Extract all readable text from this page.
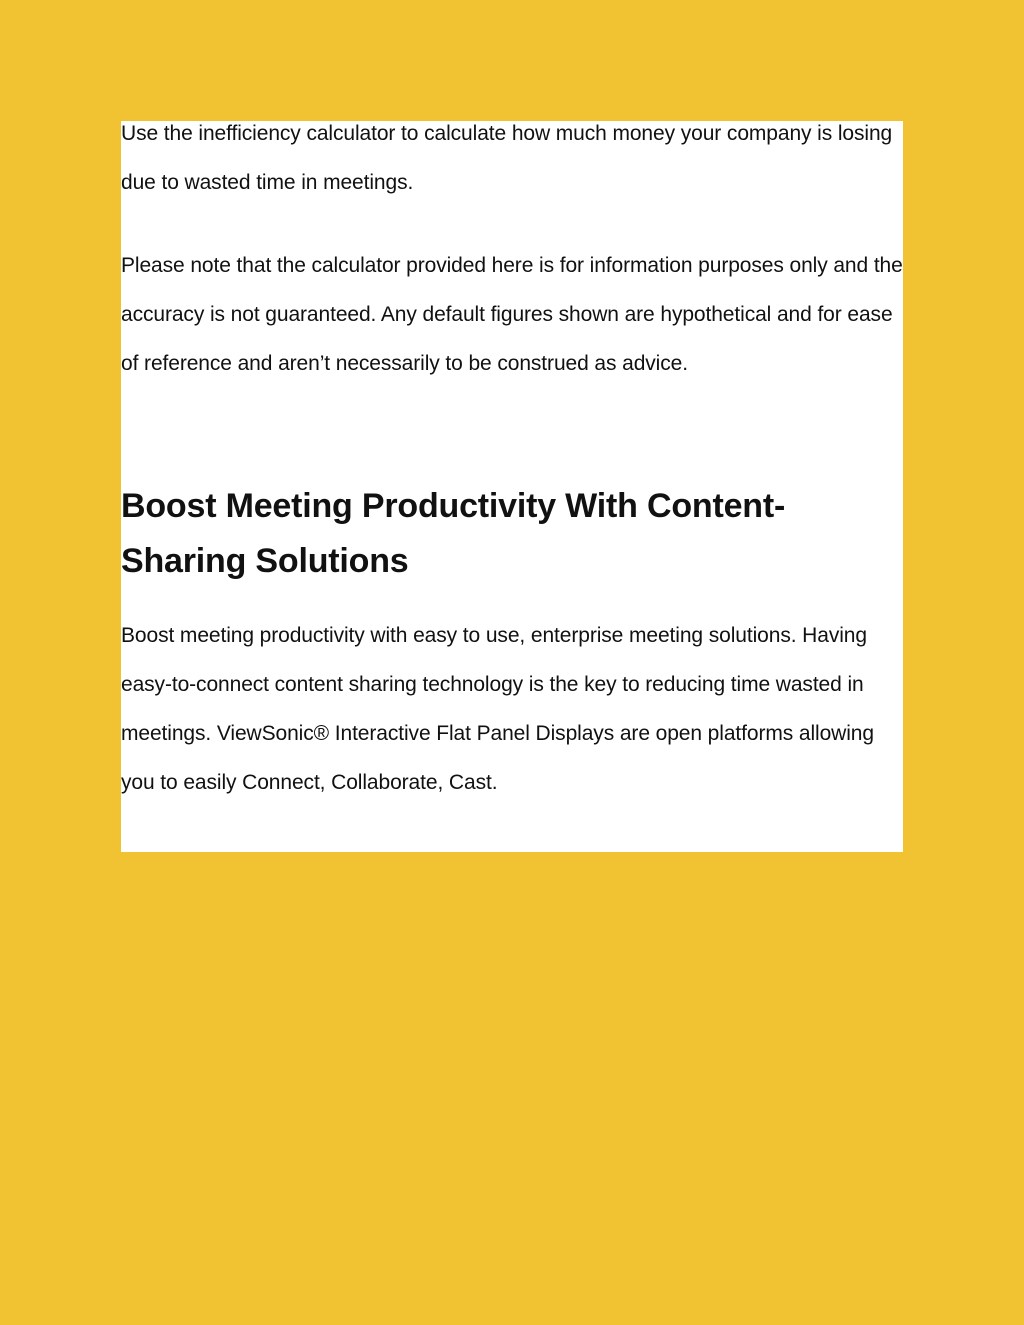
Use the inefficiency calculator to calculate how much money your company is losing due to wasted time in meetings.

Please note that the calculator provided here is for information purposes only and the accuracy is not guaranteed. Any default figures shown are hypothetical and for ease of reference and aren’t necessarily to be construed as advice.

Boost Meeting Productivity With Content-Sharing Solutions

Boost meeting productivity with easy to use, enterprise meeting solutions. Having easy-to-connect content sharing technology is the key to reducing time wasted in meetings. ViewSonic® Interactive Flat Panel Displays are open platforms allowing you to easily Connect, Collaborate, Cast.
